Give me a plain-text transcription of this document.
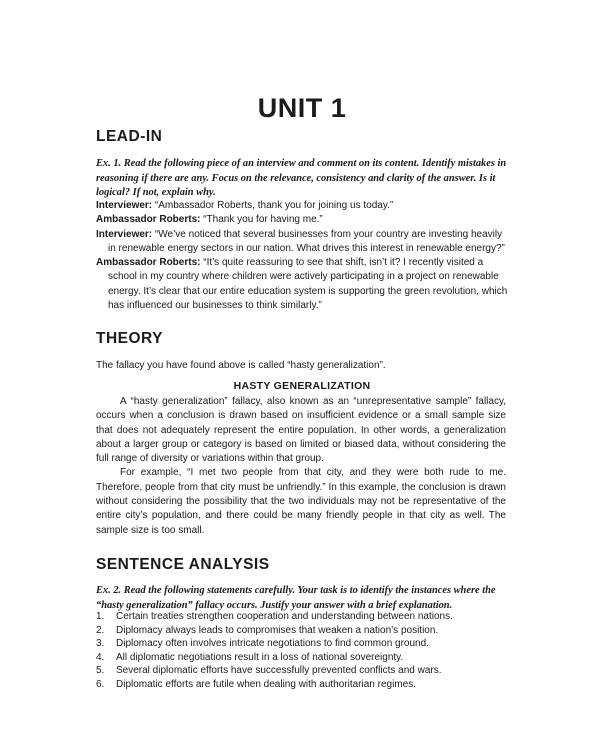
UNIT 1
LEAD-IN
Ex. 1. Read the following piece of an interview and comment on its content. Identify mistakes in reasoning if there are any. Focus on the relevance, consistency and clarity of the answer. Is it logical? If not, explain why.

Interviewer: “Ambassador Roberts, thank you for joining us today.”

Ambassador Roberts: “Thank you for having me.”

Interviewer: “We’ve noticed that several businesses from your country are investing heavily in renewable energy sectors in our nation. What drives this interest in renewable energy?”

Ambassador Roberts: “It’s quite reassuring to see that shift, isn’t it? I recently visited a school in my country where children were actively participating in a project on renewable energy. It’s clear that our entire education system is supporting the green revolution, which has influenced our businesses to think similarly.”

THEORY
The fallacy you have found above is called “hasty generalization”.
HASTY GENERALIZATION

A “hasty generalization” fallacy, also known as an “unrepresentative sample” fallacy, occurs when a conclusion is drawn based on insufficient evidence or a small sample size that does not adequately represent the entire population. In other words, a generalization about a larger group or category is based on limited or biased data, without considering the full range of diversity or variations within that group.

For example, “I met two people from that city, and they were both rude to me. Therefore, people from that city must be unfriendly.” In this example, the conclusion is drawn without considering the possibility that the two individuals may not be representative of the entire city’s population, and there could be many friendly people in that city as well. The sample size is too small.

SENTENCE ANALYSIS
Ex. 2. Read the following statements carefully. Your task is to identify the instances where the “hasty generalization” fallacy occurs. Justify your answer with a brief explanation.
1.	Certain treaties strengthen cooperation and understanding between nations.
2.	Diplomacy always leads to compromises that weaken a nation’s position.
3.	Diplomacy often involves intricate negotiations to find common ground.
4.	All diplomatic negotiations result in a loss of national sovereignty.
5.	Several diplomatic efforts have successfully prevented conflicts and wars.
6.	Diplomatic efforts are futile when dealing with authoritarian regimes.
